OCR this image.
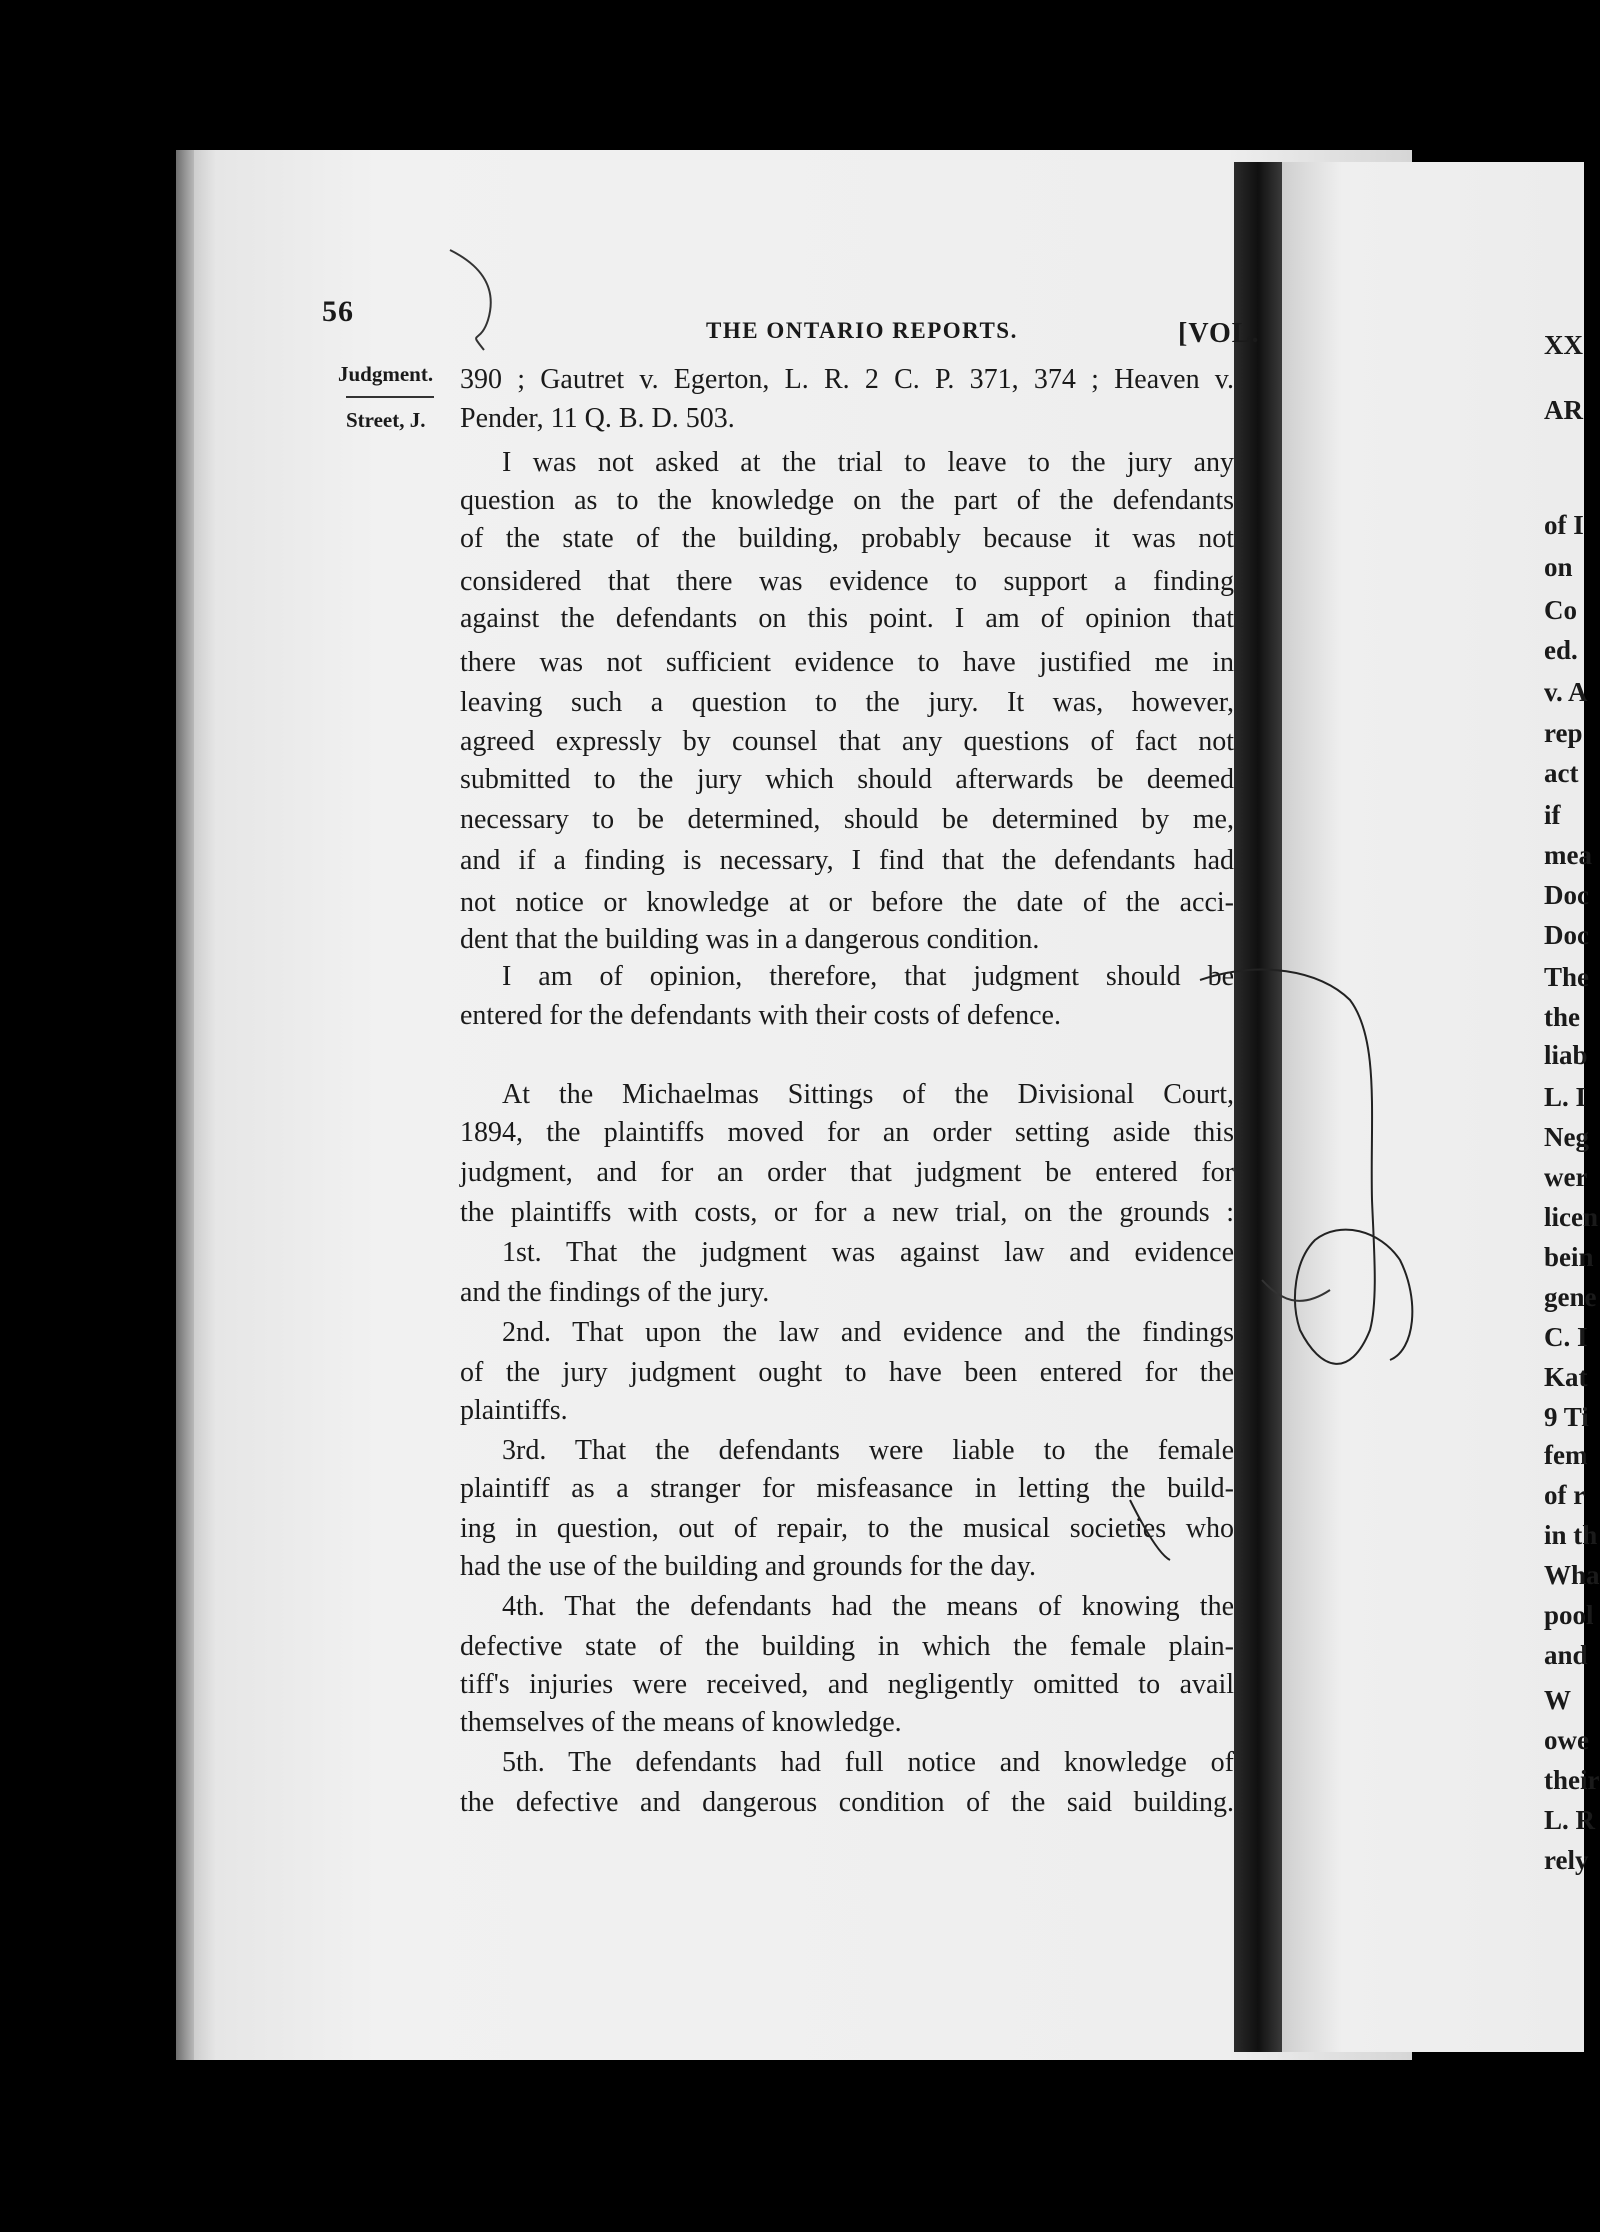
56
THE ONTARIO REPORTS.	[VOL.
Judgment.
Street, J.
390 ; Gautret v. Egerton, L. R. 2 C. P. 371, 374 ; Heaven v.
Pender, 11 Q. B. D. 503.
I was not asked at the trial to leave to the jury any
question as to the knowledge on the part of the defendants
of the state of the building, probably because it was not
considered that there was evidence to support a finding
against the defendants on this point. I am of opinion that
there was not sufficient evidence to have justified me in
leaving such a question to the jury. It was, however,
agreed expressly by counsel that any questions of fact not
submitted to the jury which should afterwards be deemed
necessary to be determined, should be determined by me,
and if a finding is necessary, I find that the defendants had
not notice or knowledge at or before the date of the acci-
dent that the building was in a dangerous condition.
I am of opinion, therefore, that judgment should be
entered for the defendants with their costs of defence.
At the Michaelmas Sittings of the Divisional Court,
1894, the plaintiffs moved for an order setting aside this
judgment, and for an order that judgment be entered for
the plaintiffs with costs, or for a new trial, on the grounds :
1st. That the judgment was against law and evidence
and the findings of the jury.
2nd. That upon the law and evidence and the findings
of the jury judgment ought to have been entered for the
plaintiffs.
3rd. That the defendants were liable to the female
plaintiff as a stranger for misfeasance in letting the build-
ing in question, out of repair, to the musical societies who
had the use of the building and grounds for the day.
4th. That the defendants had the means of knowing the
defective state of the building in which the female plain-
tiff's injuries were received, and negligently omitted to avail
themselves of the means of knowledge.
5th. The defendants had full notice and knowledge of
the defective and dangerous condition of the said building.
XX
AR
of I
on
Co
ed.
v. A
rep
act
if
mea
Doc
Doc
The
the
liab
L. I
Neg
wer
licen
bein
gene
C. I
Kat
9 Ti
fem
of r
in th
Wha
pool
and
W
owe
their
L. R
rely
